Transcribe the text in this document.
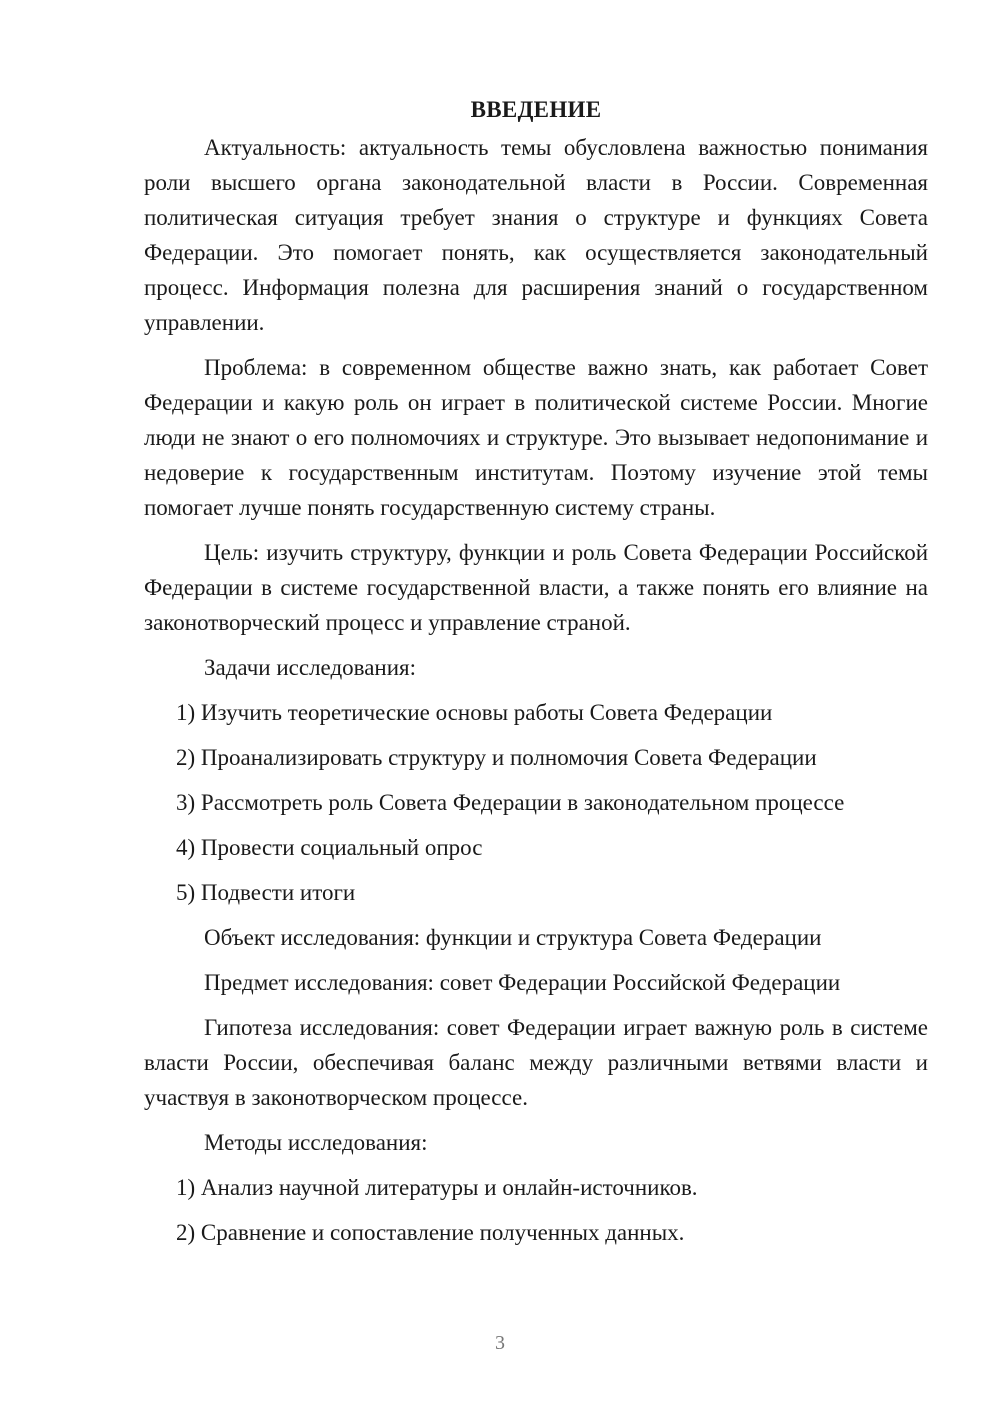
ВВЕДЕНИЕ

Актуальность: актуальность темы обусловлена важностью понимания роли высшего органа законодательной власти в России. Современная политическая ситуация требует знания о структуре и функциях Совета Федерации. Это помогает понять, как осуществляется законодательный процесс. Информация полезна для расширения знаний о государственном управлении.

Проблема: в современном обществе важно знать, как работает Совет Федерации и какую роль он играет в политической системе России. Многие люди не знают о его полномочиях и структуре. Это вызывает недопонимание и недоверие к государственным институтам. Поэтому изучение этой темы помогает лучше понять государственную систему страны.

Цель: изучить структуру, функции и роль Совета Федерации Российской Федерации в системе государственной власти, а также понять его влияние на законотворческий процесс и управление страной.

Задачи исследования:

1) Изучить теоретические основы работы Совета Федерации

2) Проанализировать структуру и полномочия Совета Федерации

3) Рассмотреть роль Совета Федерации в законодательном процессе

4) Провести социальный опрос

5) Подвести итоги

Объект исследования: функции и структура Совета Федерации

Предмет исследования: совет Федерации Российской Федерации

Гипотеза исследования: совет Федерации играет важную роль в системе власти России, обеспечивая баланс между различными ветвями власти и участвуя в законотворческом процессе.

Методы исследования:

1) Анализ научной литературы и онлайн-источников.

2) Сравнение и сопоставление полученных данных.

3
